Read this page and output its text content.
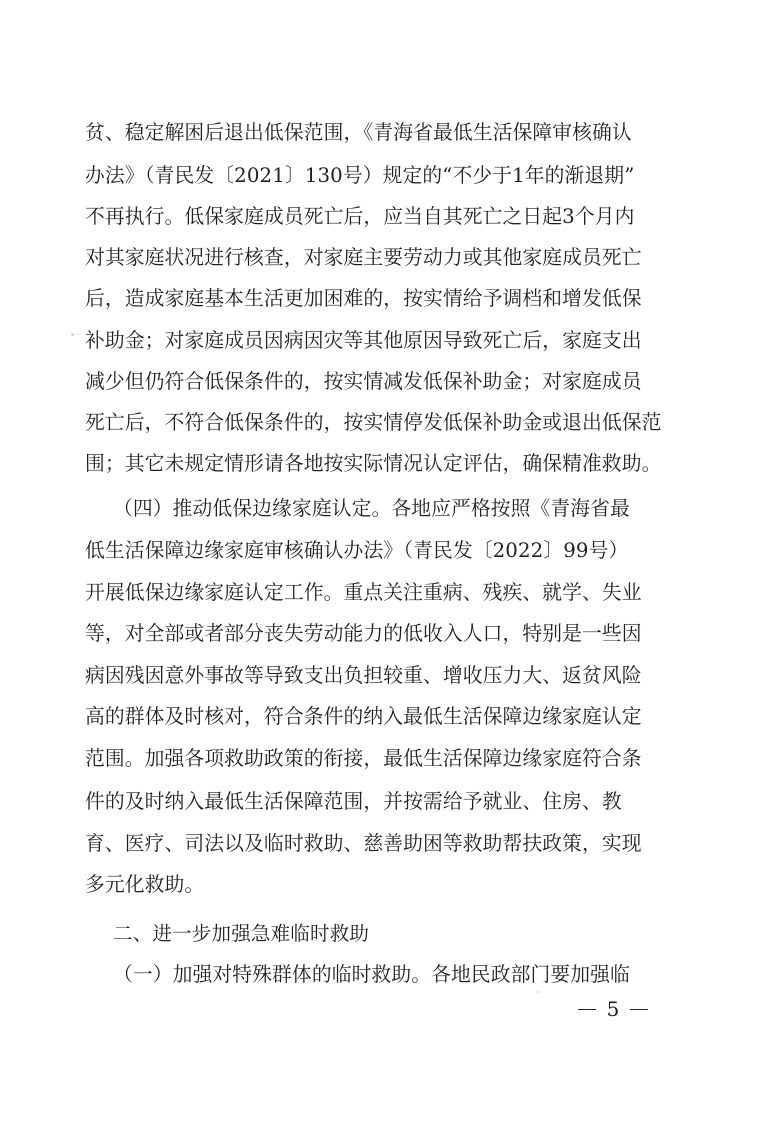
贫、稳定解困后退出低保范围，《青海省最低生活保障审核确认
办法》（青民发〔2021〕130号）规定的“不少于1年的渐退期”
不再执行。低保家庭成员死亡后，应当自其死亡之日起3个月内
对其家庭状况进行核查，对家庭主要劳动力或其他家庭成员死亡
后，造成家庭基本生活更加困难的，按实情给予调档和增发低保
补助金；对家庭成员因病因灾等其他原因导致死亡后，家庭支出
减少但仍符合低保条件的，按实情减发低保补助金；对家庭成员
死亡后，不符合低保条件的，按实情停发低保补助金或退出低保范
围；其它未规定情形请各地按实际情况认定评估，确保精准救助。
（四）推动低保边缘家庭认定。各地应严格按照《青海省最
低生活保障边缘家庭审核确认办法》（青民发〔2022〕99号）
开展低保边缘家庭认定工作。重点关注重病、残疾、就学、失业
等，对全部或者部分丧失劳动能力的低收入人口，特别是一些因
病因残因意外事故等导致支出负担较重、增收压力大、返贫风险
高的群体及时核对，符合条件的纳入最低生活保障边缘家庭认定
范围。加强各项救助政策的衔接，最低生活保障边缘家庭符合条
件的及时纳入最低生活保障范围，并按需给予就业、住房、教
育、医疗、司法以及临时救助、慈善助困等救助帮扶政策，实现
多元化救助。
二、进一步加强急难临时救助
（一）加强对特殊群体的临时救助。各地民政部门要加强临
5
